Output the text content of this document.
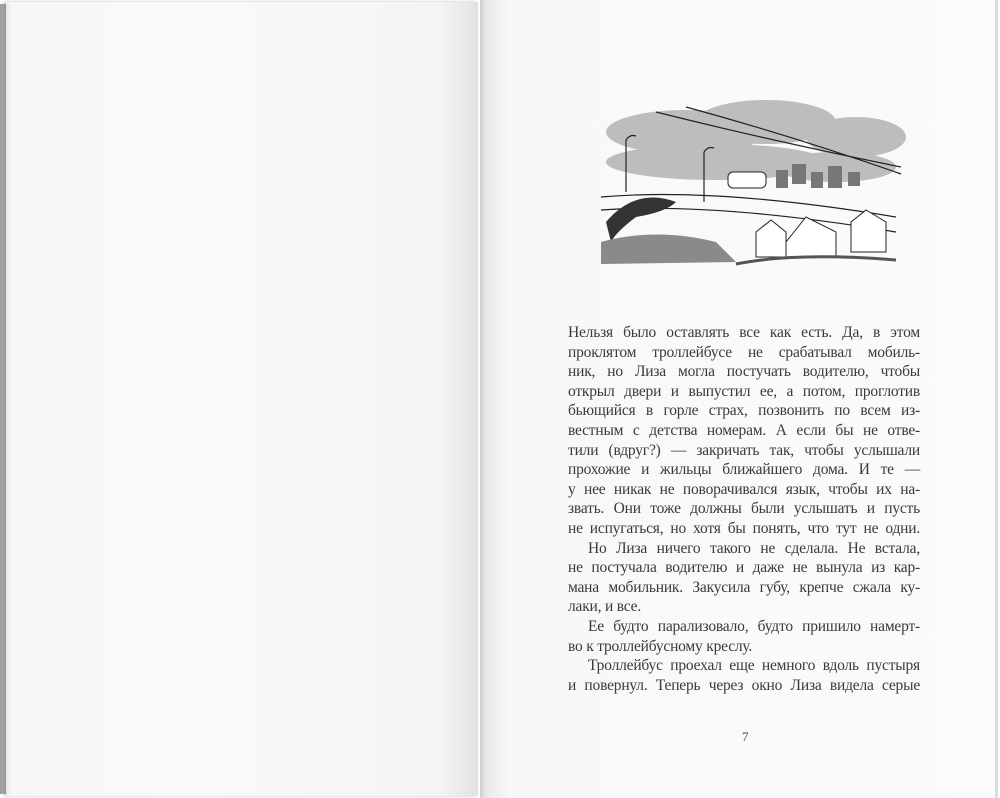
Нельзя было оставлять все как есть. Да, в этом
проклятом троллейбусе не срабатывал мобиль-
ник, но Лиза могла постучать водителю, чтобы
открыл двери и выпустил ее, а потом, проглотив
бьющийся в горле страх, позвонить по всем из-
вестным с детства номерам. А если бы не отве-
тили (вдруг?) — закричать так, чтобы услышали
прохожие и жильцы ближайшего дома. И те —
у нее никак не поворачивался язык, чтобы их на-
звать. Они тоже должны были услышать и пусть
не испугаться, но хотя бы понять, что тут не одни.
Но Лиза ничего такого не сделала. Не встала,
не постучала водителю и даже не вынула из кар-
мана мобильник. Закусила губу, крепче сжала ку-
лаки, и все.
Ее будто парализовало, будто пришило намерт-
во к троллейбусному креслу.
Троллейбус проехал еще немного вдоль пустыря
и повернул. Теперь через окно Лиза видела серые
7
